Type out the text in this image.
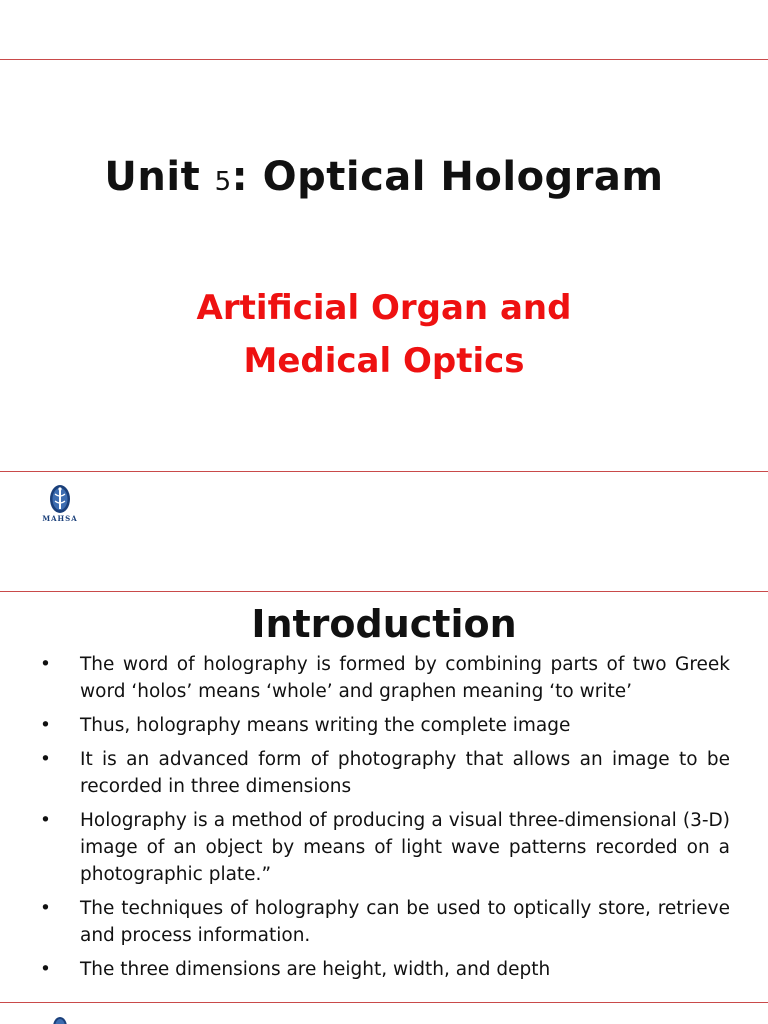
Unit 5: Optical Hologram
Artificial Organ and
Medical Optics
MAHSA
Introduction
• The word of holography is formed by combining parts of two Greek word ‘holos’ means ‘whole’ and graphen meaning ‘to write’
• Thus, holography means writing the complete image
• It is an advanced form of photography that allows an image to be recorded in three dimensions
• Holography is a method of producing a visual three-dimensional (3-D) image of an object by means of light wave patterns recorded on a photographic plate.”
• The techniques of holography can be used to optically store, retrieve and process information.
• The three dimensions are height, width, and depth
